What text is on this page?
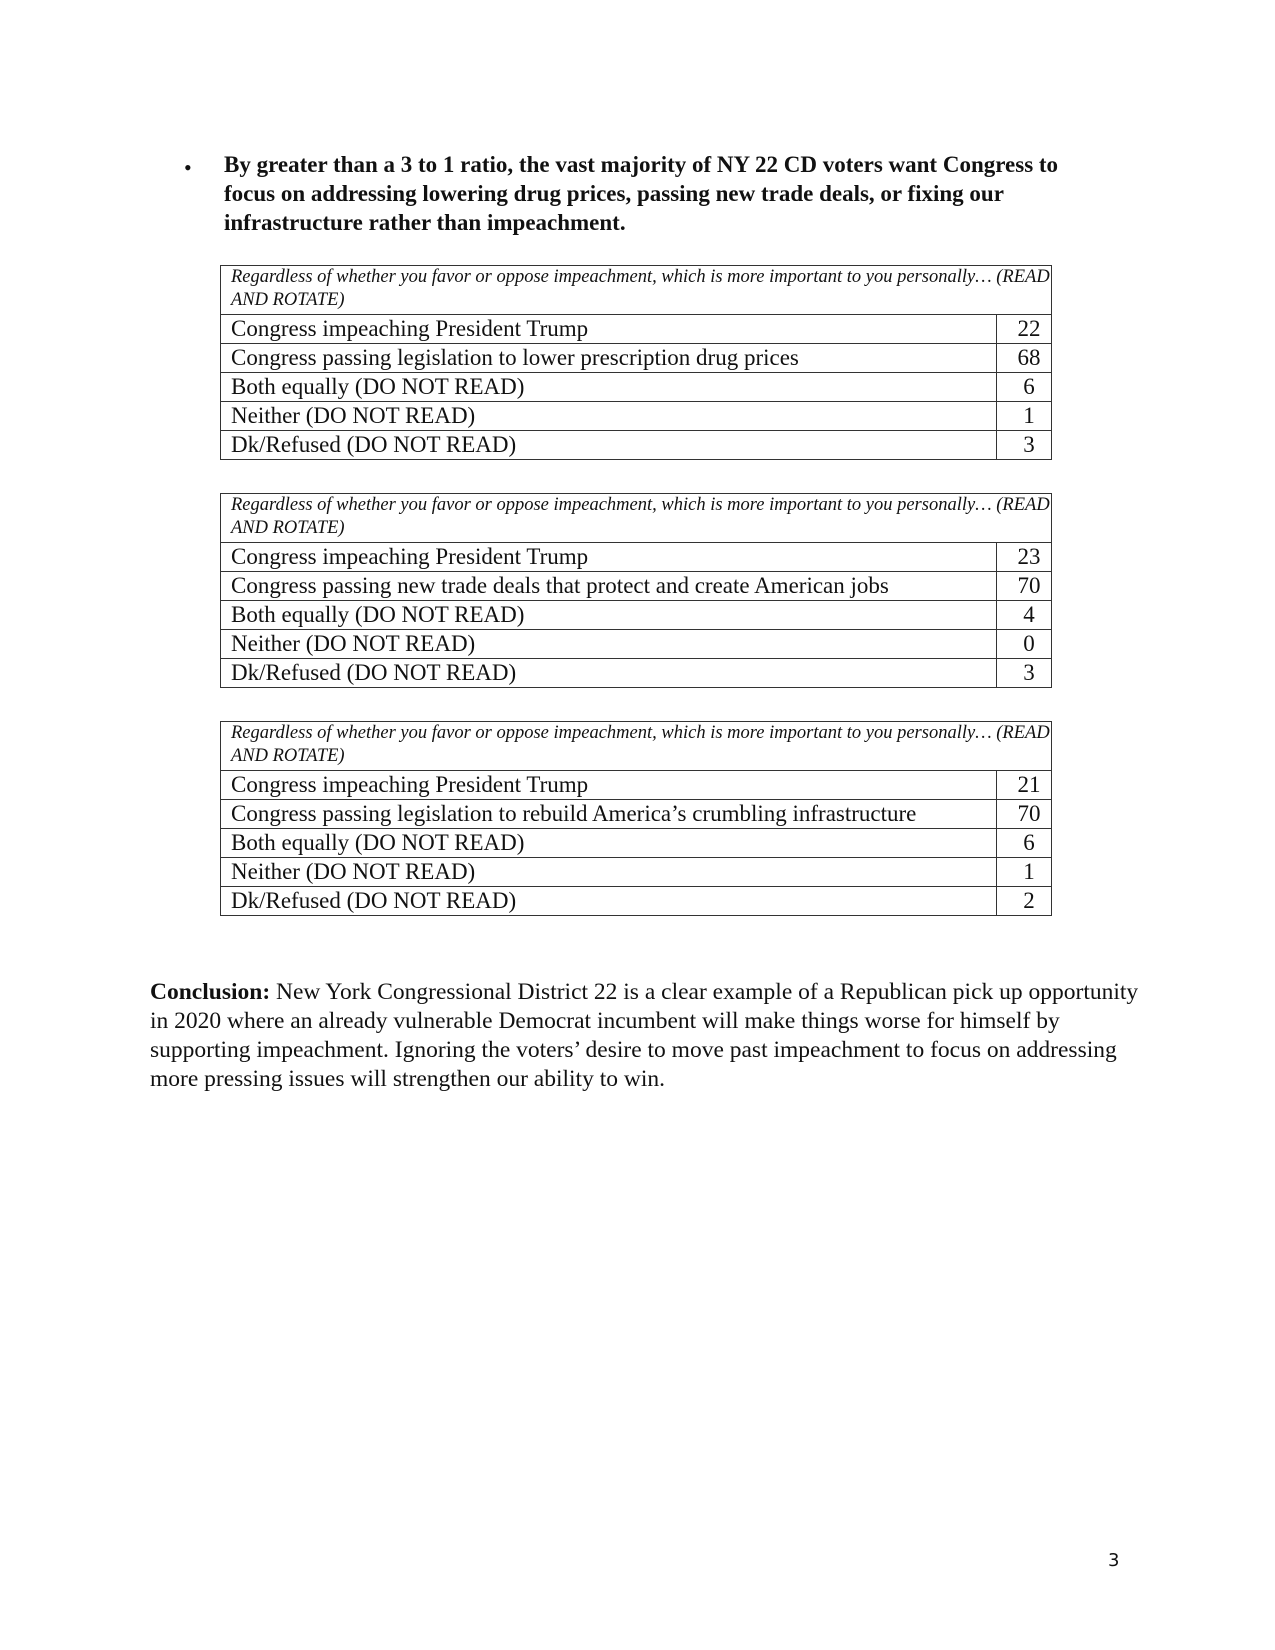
• By greater than a 3 to 1 ratio, the vast majority of NY 22 CD voters want Congress to focus on addressing lowering drug prices, passing new trade deals, or fixing our infrastructure rather than impeachment.

Regardless of whether you favor or oppose impeachment, which is more important to you personally… (READ AND ROTATE)	
Congress impeaching President Trump	22
Congress passing legislation to lower prescription drug prices	68
Both equally (DO NOT READ)	6
Neither (DO NOT READ)	1
Dk/Refused (DO NOT READ)	3
Regardless of whether you favor or oppose impeachment, which is more important to you personally… (READ AND ROTATE)	
Congress impeaching President Trump	23
Congress passing new trade deals that protect and create American jobs	70
Both equally (DO NOT READ)	4
Neither (DO NOT READ)	0
Dk/Refused (DO NOT READ)	3
Regardless of whether you favor or oppose impeachment, which is more important to you personally… (READ AND ROTATE)	
Congress impeaching President Trump	21
Congress passing legislation to rebuild America’s crumbling infrastructure	70
Both equally (DO NOT READ)	6
Neither (DO NOT READ)	1
Dk/Refused (DO NOT READ)	2

Conclusion: New York Congressional District 22 is a clear example of a Republican pick up opportunity in 2020 where an already vulnerable Democrat incumbent will make things worse for himself by supporting impeachment. Ignoring the voters’ desire to move past impeachment to focus on addressing more pressing issues will strengthen our ability to win.

3
